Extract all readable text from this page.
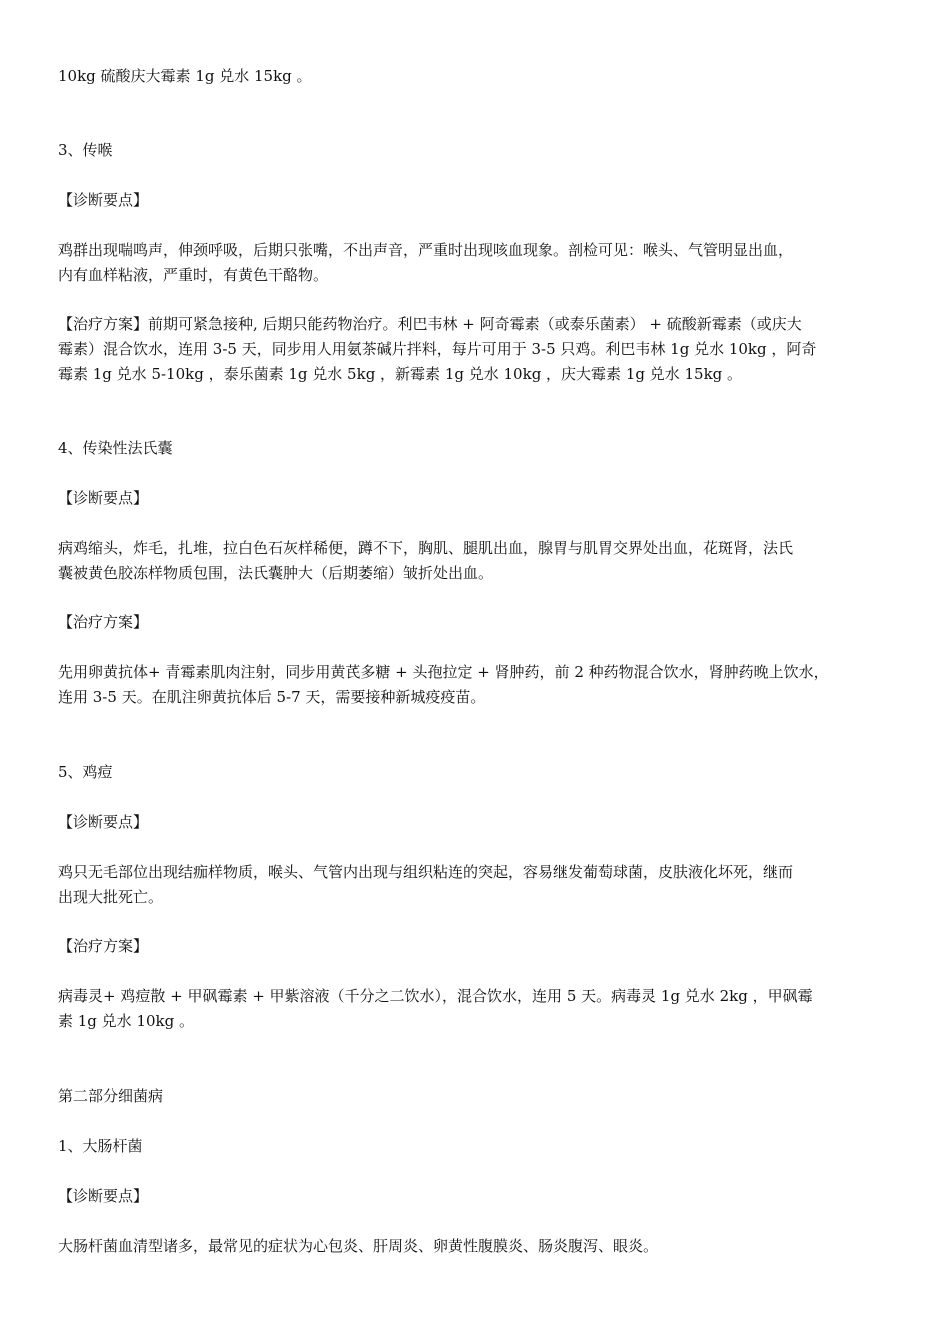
10kg 硫酸庆大霉素 1g 兑水 15kg 。

3、传喉

【诊断要点】

鸡群出现喘鸣声，伸颈呼吸，后期只张嘴，不出声音，严重时出现咳血现象。剖检可见：喉头、气管明显出血，
内有血样粘液，严重时，有黄色干酪物。

【治疗方案】前期可紧急接种, 后期只能药物治疗。利巴韦林 + 阿奇霉素（或泰乐菌素） + 硫酸新霉素（或庆大
霉素）混合饮水，连用 3-5 天，同步用人用氨茶碱片拌料，每片可用于 3-5 只鸡。利巴韦林 1g 兑水 10kg ，阿奇
霉素 1g 兑水 5-10kg ，泰乐菌素 1g 兑水 5kg ，新霉素 1g 兑水 10kg ，庆大霉素 1g 兑水 15kg 。

4、传染性法氏囊

【诊断要点】

病鸡缩头，炸毛，扎堆，拉白色石灰样稀便，蹲不下，胸肌、腿肌出血，腺胃与肌胃交界处出血，花斑肾，法氏
囊被黄色胶冻样物质包围，法氏囊肿大（后期萎缩）皱折处出血。

【治疗方案】

先用卵黄抗体+ 青霉素肌肉注射，同步用黄芪多糖 + 头孢拉定 + 肾肿药，前 2 种药物混合饮水，肾肿药晚上饮水，
连用 3-5 天。在肌注卵黄抗体后 5-7 天，需要接种新城疫疫苗。

5、鸡痘

【诊断要点】

鸡只无毛部位出现结痂样物质，喉头、气管内出现与组织粘连的突起，容易继发葡萄球菌，皮肤液化坏死，继而
出现大批死亡。

【治疗方案】

病毒灵+ 鸡痘散 + 甲砜霉素 + 甲紫溶液（千分之二饮水），混合饮水，连用 5 天。病毒灵 1g 兑水 2kg ，甲砜霉
素 1g 兑水 10kg 。

第二部分细菌病

1、大肠杆菌

【诊断要点】

大肠杆菌血清型诸多，最常见的症状为心包炎、肝周炎、卵黄性腹膜炎、肠炎腹泻、眼炎。
